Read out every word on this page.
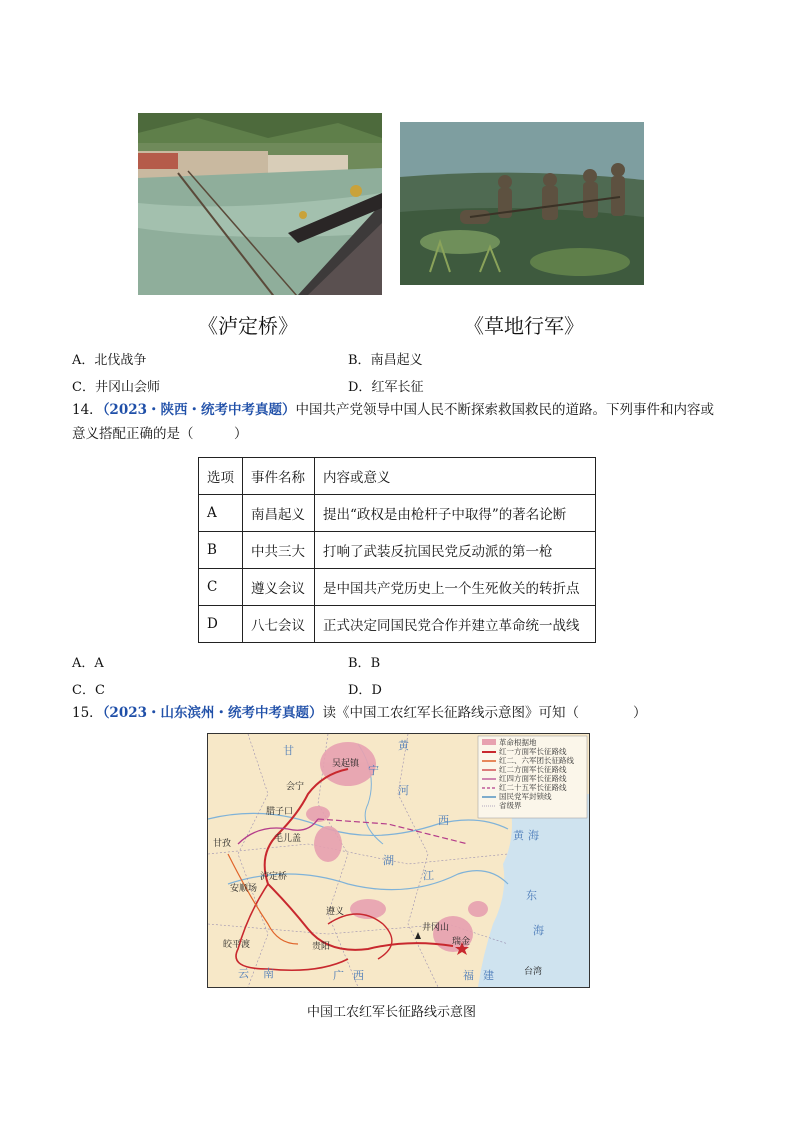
《泸定桥》	《草地行军》
A．北伐战争	B．南昌起义
C．井冈山会师	D．红军长征
14．（2023・陕西・统考中考真题）中国共产党领导中国人民不断探索救国救民的道路。下列事件和内容或
意义搭配正确的是（　　　）
选项	事件名称	内容或意义
A	南昌起义	提出“政权是由枪杆子中取得”的著名论断
B	中共三大	打响了武装反抗国民党反动派的第一枪
C	遵义会议	是中国共产党历史上一个生死攸关的转折点
D	八七会议	正式决定同国民党合作并建立革命统一战线
A．A	B．B
C．C	D．D
15．（2023・山东滨州・统考中考真题）读《中国工农红军长征路线示意图》可知（　　　　）
甘
宁
黄
河
西
湖
江
黄 海
东
海
台湾
云 南	广 西	福 建
吴起镇
会宁
腊子口
毛儿盖
甘孜
泸定桥
安顺场
遵义
贵阳
皎平渡
井冈山
瑞金
革命根据地
红一方面军长征路线
红二、六军团长征路线
红二方面军长征路线
红四方面军长征路线
红二十五军长征路线
国民党军封锁线
省级界
中国工农红军长征路线示意图
